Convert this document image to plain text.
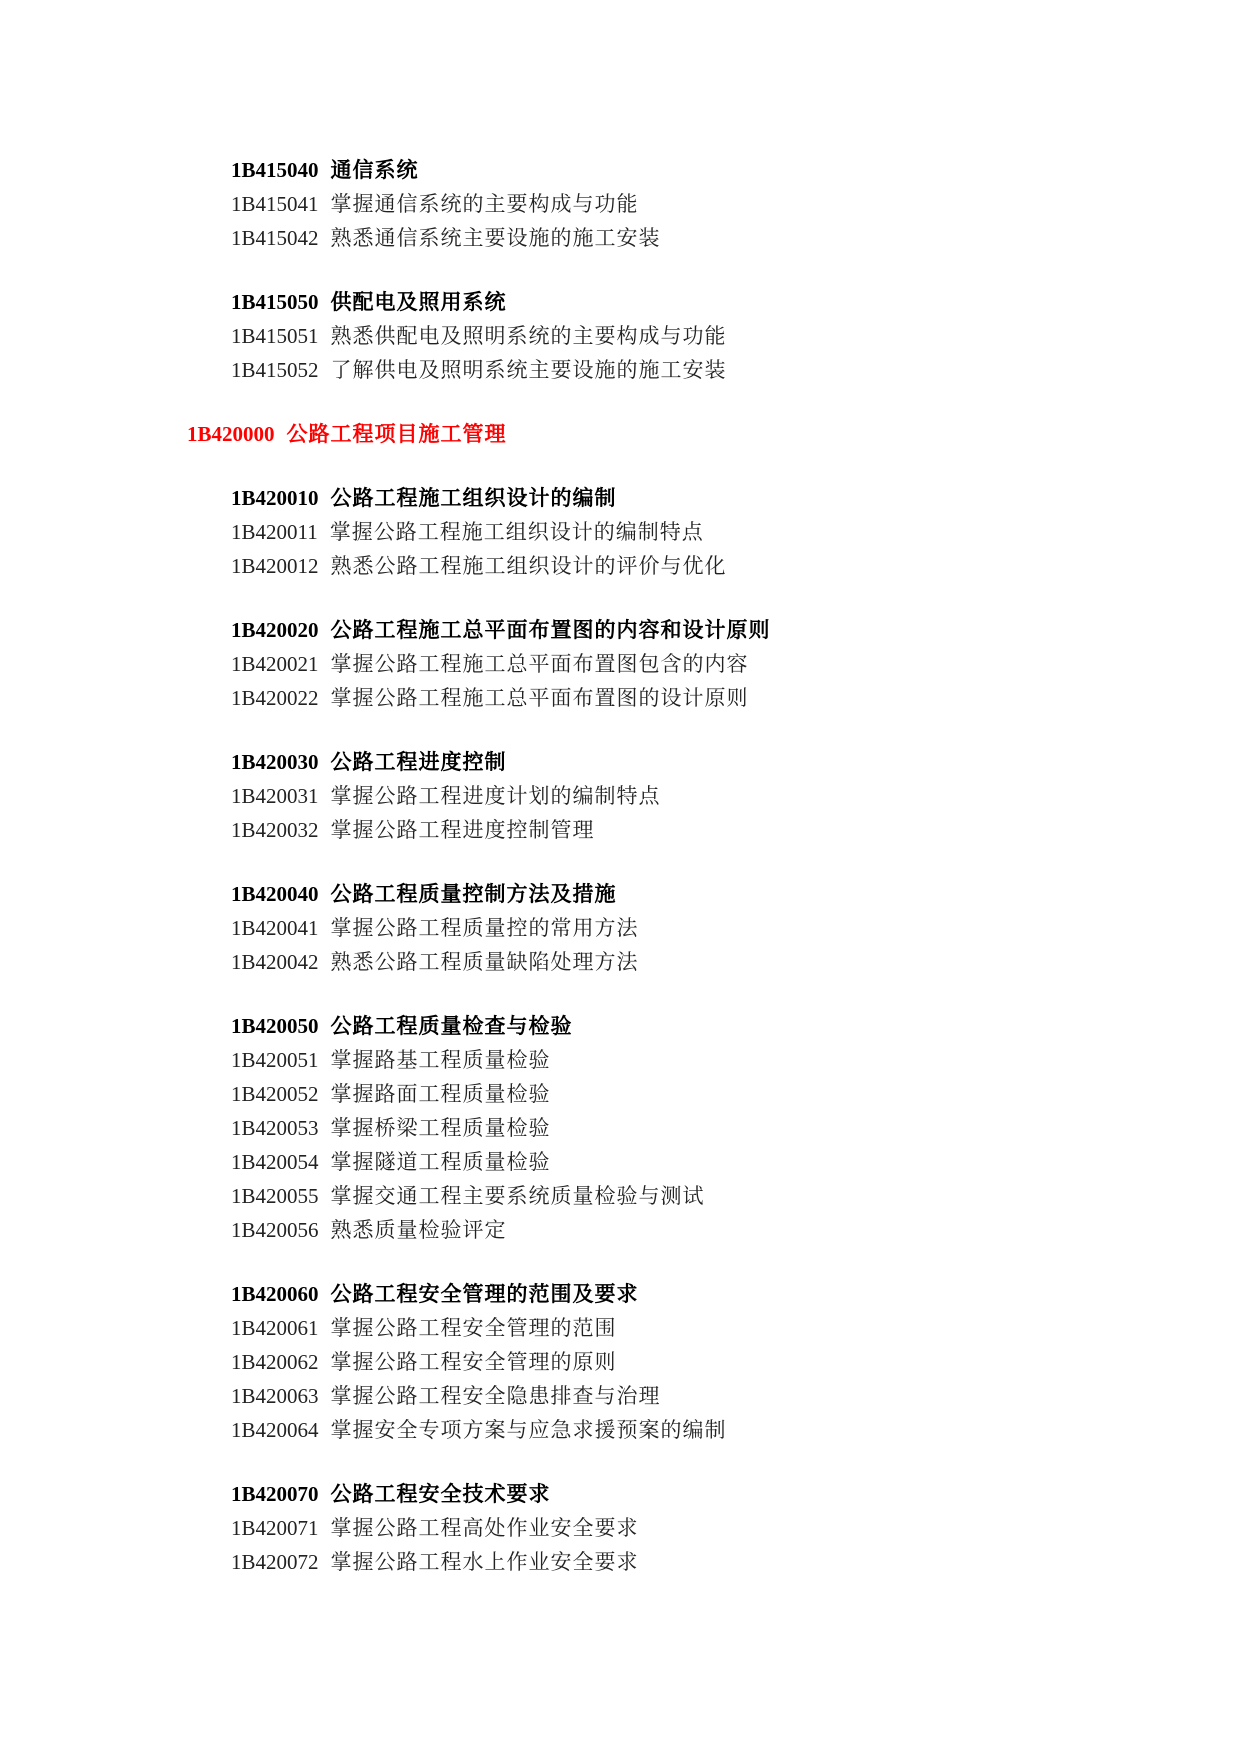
1B415040 通信系统
1B415041 掌握通信系统的主要构成与功能
1B415042 熟悉通信系统主要设施的施工安装
1B415050 供配电及照用系统
1B415051 熟悉供配电及照明系统的主要构成与功能
1B415052 了解供电及照明系统主要设施的施工安装
1B420000 公路工程项目施工管理
1B420010 公路工程施工组织设计的编制
1B420011 掌握公路工程施工组织设计的编制特点
1B420012 熟悉公路工程施工组织设计的评价与优化
1B420020 公路工程施工总平面布置图的内容和设计原则
1B420021 掌握公路工程施工总平面布置图包含的内容
1B420022 掌握公路工程施工总平面布置图的设计原则
1B420030 公路工程进度控制
1B420031 掌握公路工程进度计划的编制特点
1B420032 掌握公路工程进度控制管理
1B420040 公路工程质量控制方法及措施
1B420041 掌握公路工程质量控的常用方法
1B420042 熟悉公路工程质量缺陷处理方法
1B420050 公路工程质量检查与检验
1B420051 掌握路基工程质量检验
1B420052 掌握路面工程质量检验
1B420053 掌握桥梁工程质量检验
1B420054 掌握隧道工程质量检验
1B420055 掌握交通工程主要系统质量检验与测试
1B420056 熟悉质量检验评定
1B420060 公路工程安全管理的范围及要求
1B420061 掌握公路工程安全管理的范围
1B420062 掌握公路工程安全管理的原则
1B420063 掌握公路工程安全隐患排查与治理
1B420064 掌握安全专项方案与应急求援预案的编制
1B420070 公路工程安全技术要求
1B420071 掌握公路工程高处作业安全要求
1B420072 掌握公路工程水上作业安全要求
